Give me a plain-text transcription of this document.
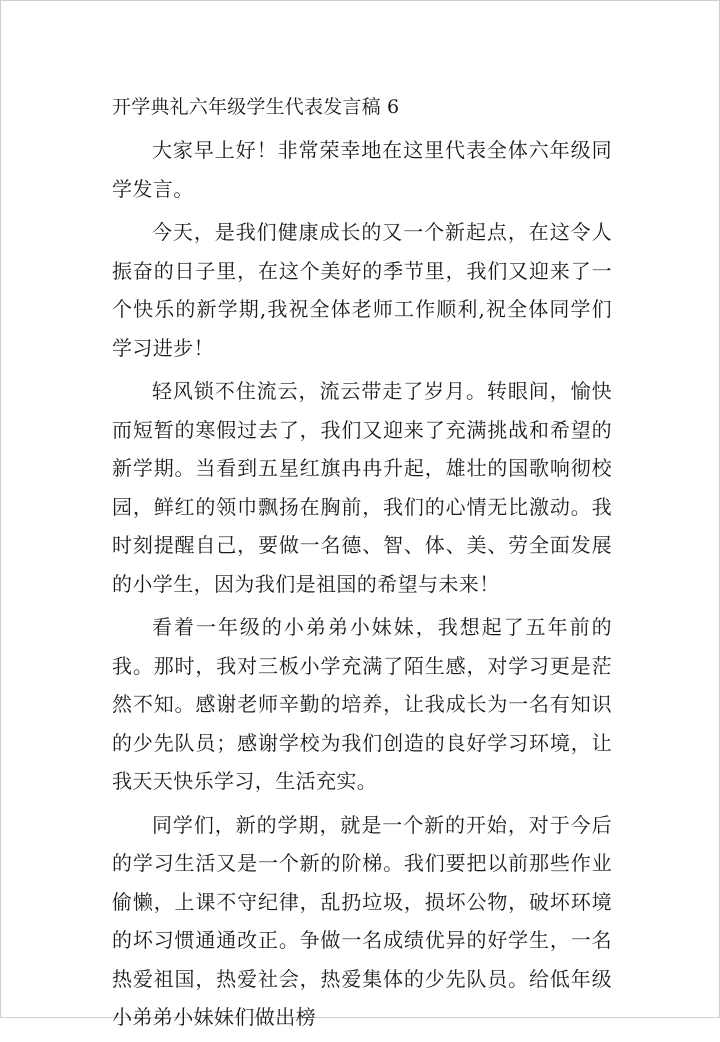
开学典礼六年级学生代表发言稿 6

大家早上好！非常荣幸地在这里代表全体六年级同学发言。

今天，是我们健康成长的又一个新起点，在这令人振奋的日子里，在这个美好的季节里，我们又迎来了一个快乐的新学期,我祝全体老师工作顺利,祝全体同学们学习进步！

轻风锁不住流云，流云带走了岁月。转眼间，愉快而短暂的寒假过去了，我们又迎来了充满挑战和希望的新学期。当看到五星红旗冉冉升起，雄壮的国歌响彻校园，鲜红的领巾飘扬在胸前，我们的心情无比激动。我时刻提醒自己，要做一名德、智、体、美、劳全面发展的小学生，因为我们是祖国的希望与未来！

看着一年级的小弟弟小妹妹，我想起了五年前的我。那时，我对三板小学充满了陌生感，对学习更是茫然不知。感谢老师辛勤的培养，让我成长为一名有知识的少先队员；感谢学校为我们创造的良好学习环境，让我天天快乐学习，生活充实。

同学们，新的学期，就是一个新的开始，对于今后的学习生活又是一个新的阶梯。我们要把以前那些作业偷懒，上课不守纪律，乱扔垃圾，损坏公物，破坏环境的坏习惯通通改正。争做一名成绩优异的好学生，一名热爱祖国，热爱社会，热爱集体的少先队员。给低年级小弟弟小妹妹们做出榜
